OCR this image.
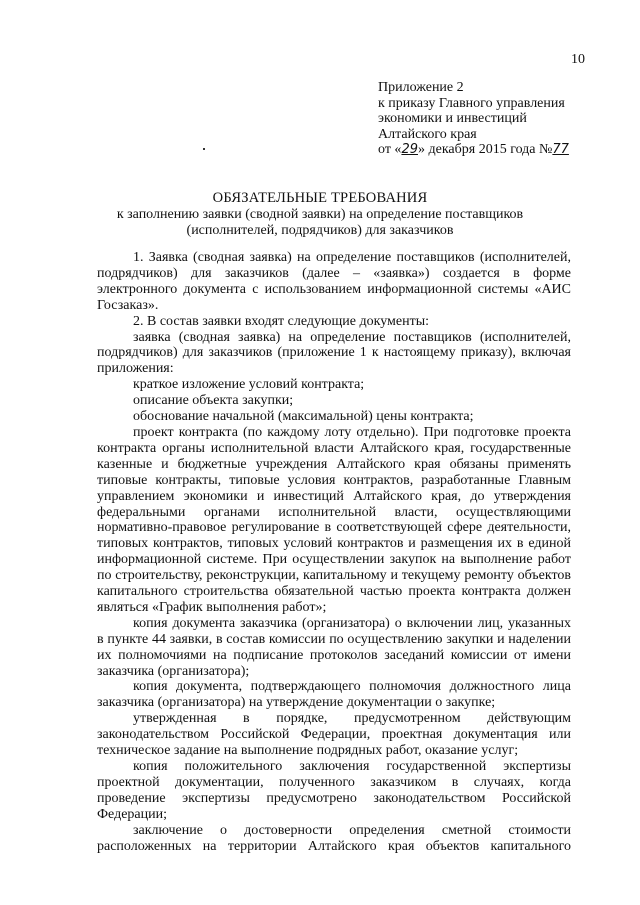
10
Приложение 2
к приказу Главного управления
экономики и инвестиций
Алтайского края
от «29» декабря 2015 года №77
ОБЯЗАТЕЛЬНЫЕ ТРЕБОВАНИЯ
к заполнению заявки (сводной заявки) на определение поставщиков
(исполнителей, подрядчиков) для заказчиков

1. Заявка (сводная заявка) на определение поставщиков (исполнителей, подрядчиков) для заказчиков (далее – «заявка») создается в форме электронного документа с использованием информационной системы «АИС Госзаказ».

2. В состав заявки входят следующие документы:

заявка (сводная заявка) на определение поставщиков (исполнителей, подрядчиков) для заказчиков (приложение 1 к настоящему приказу), включая приложения:

краткое изложение условий контракта;

описание объекта закупки;

обоснование начальной (максимальной) цены контракта;

проект контракта (по каждому лоту отдельно). При подготовке проекта контракта органы исполнительной власти Алтайского края, государственные казенные и бюджетные учреждения Алтайского края обязаны применять типовые контракты, типовые условия контрактов, разработанные Главным управлением экономики и инвестиций Алтайского края, до утверждения федеральными органами исполнительной власти, осуществляющими нормативно-правовое регулирование в соответствующей сфере деятельности, типовых контрактов, типовых условий контрактов и размещения их в единой информационной системе. При осуществлении закупок на выполнение работ по строительству, реконструкции, капитальному и текущему ремонту объектов капитального строительства обязательной частью проекта контракта должен являться «График выполнения работ»;

копия документа заказчика (организатора) о включении лиц, указанных в пункте 44 заявки, в состав комиссии по осуществлению закупки и наделении их полномочиями на подписание протоколов заседаний комиссии от имени заказчика (организатора);

копия документа, подтверждающего полномочия должностного лица заказчика (организатора) на утверждение документации о закупке;

утвержденная в порядке, предусмотренном действующим законодательством Российской Федерации, проектная документация или техническое задание на выполнение подрядных работ, оказание услуг;

копия положительного заключения государственной экспертизы проектной документации, полученного заказчиком в случаях, когда проведение экспертизы предусмотрено законодательством Российской Федерации;

заключение о достоверности определения сметной стоимости расположенных на территории Алтайского края объектов капитального
